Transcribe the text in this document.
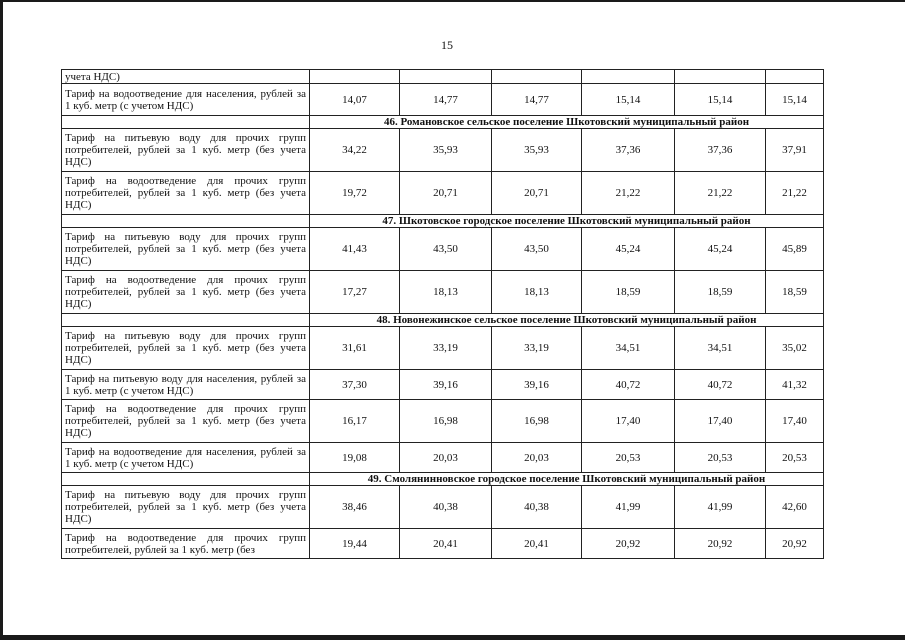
15
учета НДС)						
Тариф на водоотведение для населения, рублей за 1 куб. метр (с учетом НДС)	14,07	14,77	14,77	15,14	15,14	15,14
	46. Романовское сельское поселение Шкотовский муниципальный район					
Тариф на питьевую воду для прочих групп потребителей, рублей за 1 куб. метр (без учета НДС)	34,22	35,93	35,93	37,36	37,36	37,91
Тариф на водоотведение для прочих групп потребителей, рублей за 1 куб. метр (без учета НДС)	19,72	20,71	20,71	21,22	21,22	21,22
	47. Шкотовское городское поселение Шкотовский муниципальный район					
Тариф на питьевую воду для прочих групп потребителей, рублей за 1 куб. метр (без учета НДС)	41,43	43,50	43,50	45,24	45,24	45,89
Тариф на водоотведение для прочих групп потребителей, рублей за 1 куб. метр (без учета НДС)	17,27	18,13	18,13	18,59	18,59	18,59
	48. Новонежинское сельское поселение Шкотовский муниципальный район					
Тариф на питьевую воду для прочих групп потребителей, рублей за 1 куб. метр (без учета НДС)	31,61	33,19	33,19	34,51	34,51	35,02
Тариф на питьевую воду для населения, рублей за 1 куб. метр (с учетом НДС)	37,30	39,16	39,16	40,72	40,72	41,32
Тариф на водоотведение для прочих групп потребителей, рублей за 1 куб. метр (без учета НДС)	16,17	16,98	16,98	17,40	17,40	17,40
Тариф на водоотведение для населения, рублей за 1 куб. метр (с учетом НДС)	19,08	20,03	20,03	20,53	20,53	20,53
	49. Смолянинновское городское поселение Шкотовский муниципальный район					
Тариф на питьевую воду для прочих групп потребителей, рублей за 1 куб. метр (без учета НДС)	38,46	40,38	40,38	41,99	41,99	42,60
Тариф на водоотведение для прочих групп потребителей, рублей за 1 куб. метр (без	19,44	20,41	20,41	20,92	20,92	20,92
